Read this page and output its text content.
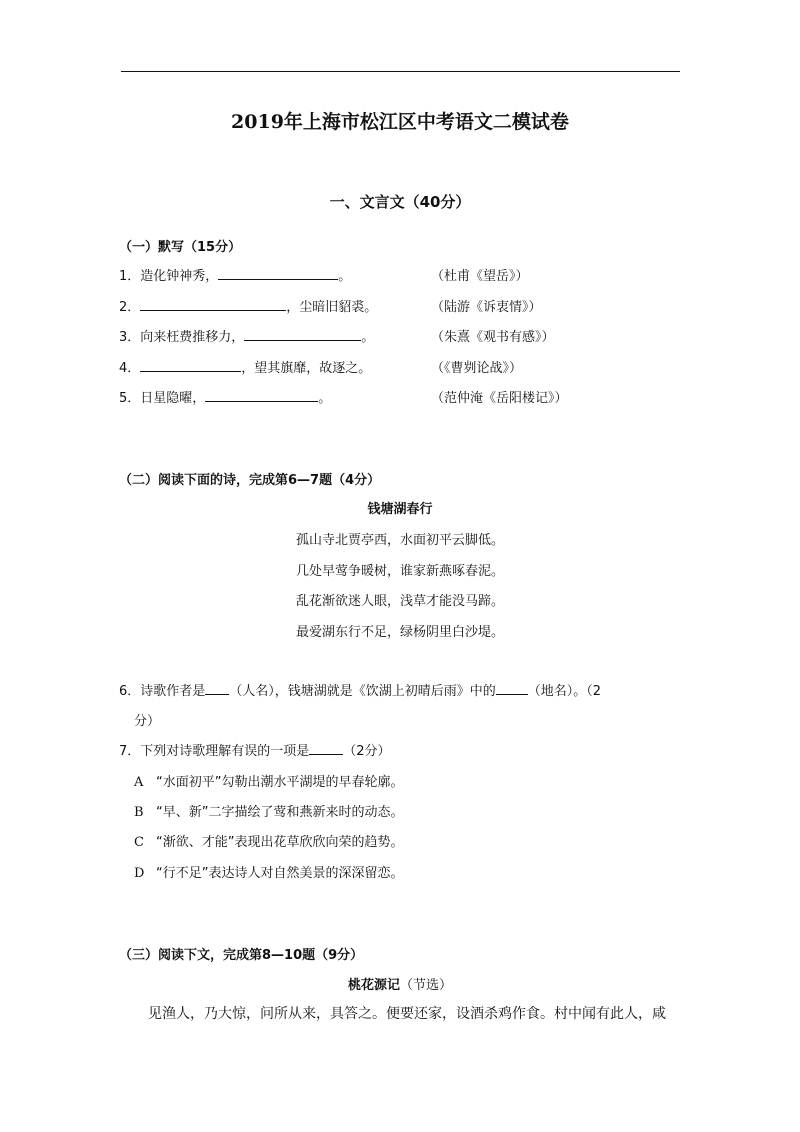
2019年上海市松江区中考语文二模试卷
一、文言文（40分）
（一）默写（15分）
1．造化钟神秀，	。	（杜甫《望岳》）
2．	，尘暗旧貂裘。	（陆游《诉衷情》）
3．向来枉费推移力，	。	（朱熹《观书有感》）
4．	，望其旗靡，故逐之。	（《曹刿论战》）
5．日星隐曜，	。	（范仲淹《岳阳楼记》）
（二）阅读下面的诗，完成第6—7题（4分）
钱塘湖春行
孤山寺北贾亭西，水面初平云脚低。
几处早莺争暖树，谁家新燕啄春泥。
乱花渐欲迷人眼，浅草才能没马蹄。
最爱湖东行不足，绿杨阴里白沙堤。
6．诗歌作者是 （人名），钱塘湖就是《饮湖上初晴后雨》中的 （地名）。（2
分）
7．下列对诗歌理解有误的一项是	（2分）
A “水面初平”勾勒出潮水平湖堤的早春轮廓。
B “早、新”二字描绘了莺和燕新来时的动态。
C “渐欲、才能”表现出花草欣欣向荣的趋势。
D “行不足”表达诗人对自然美景的深深留恋。
（三）阅读下文，完成第8—10题（9分）
桃花源记（节选）
见渔人，乃大惊，问所从来，具答之。便要还家，设酒杀鸡作食。村中闻有此人，咸
